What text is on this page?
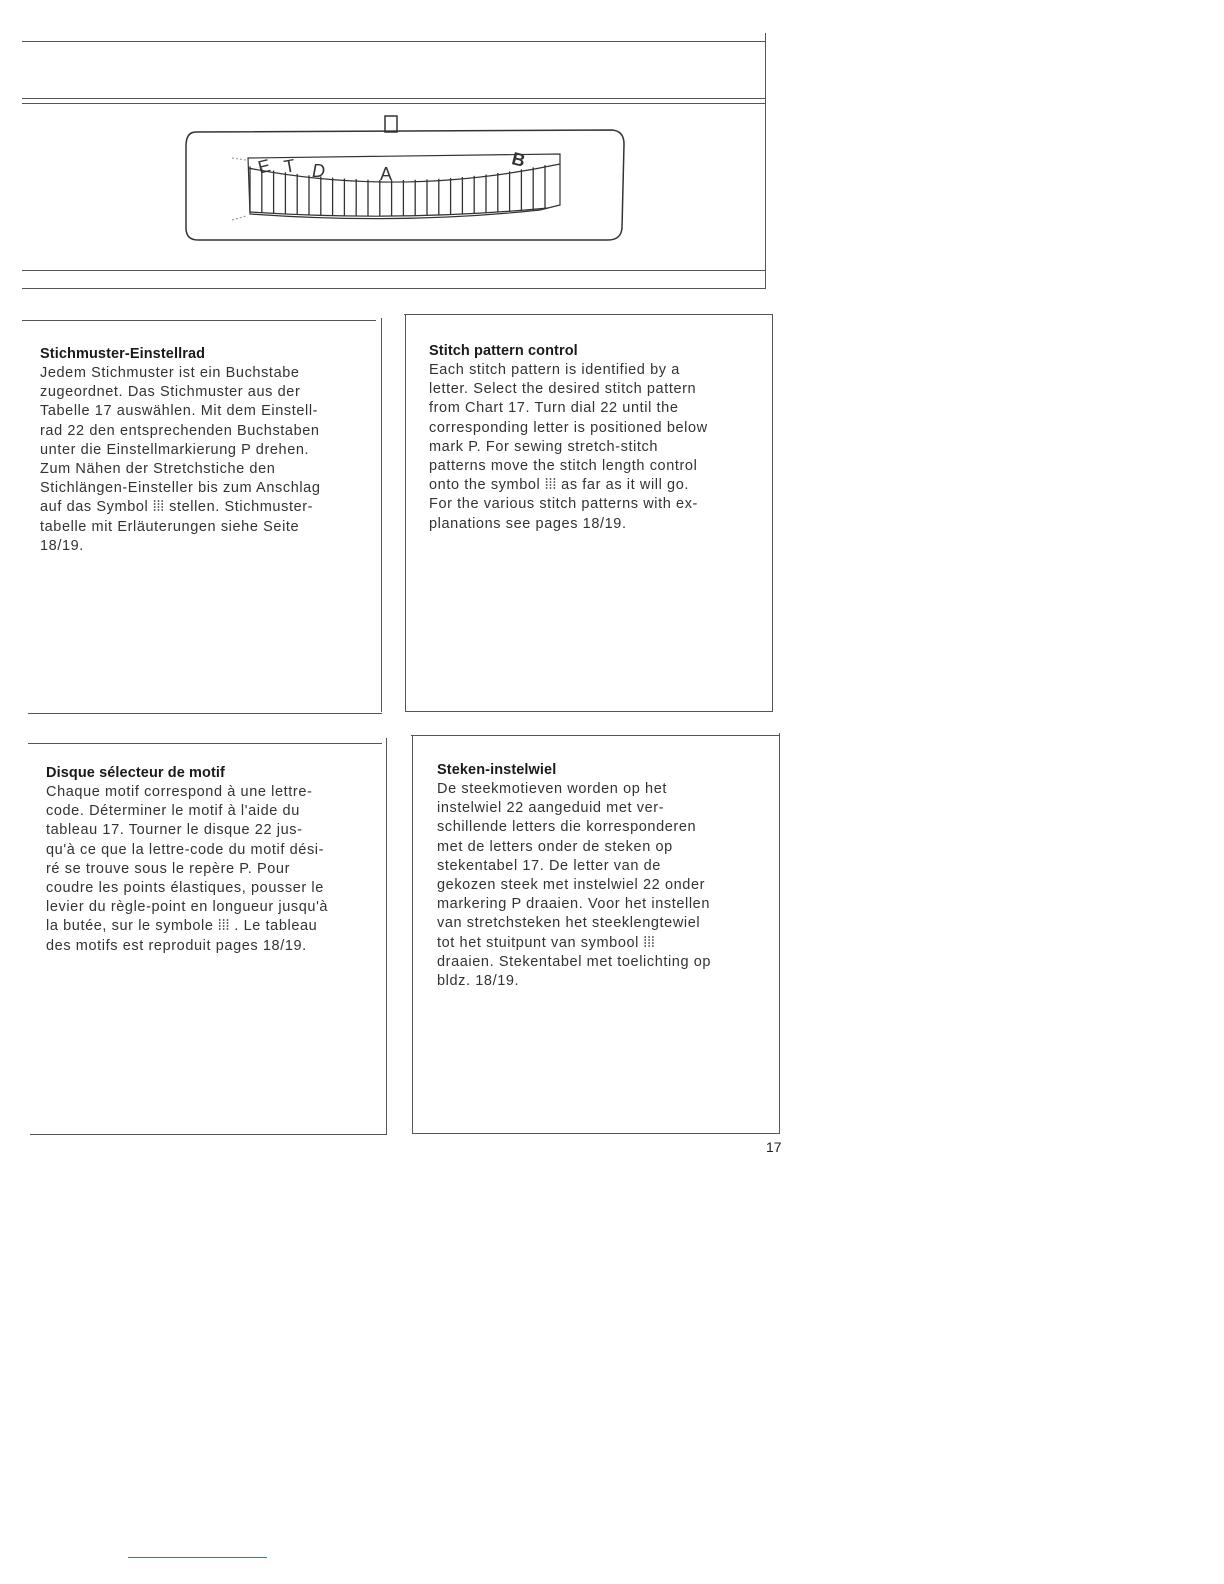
E T D	A
B
Stichmuster-Einstellrad

Jedem Stichmuster ist ein Buchstabe
zugeordnet. Das Stichmuster aus der
Tabelle 17 auswählen. Mit dem Einstell-
rad 22 den entsprechenden Buchstaben
unter die Einstellmarkierung P drehen.
Zum Nähen der Stretchstiche den
Stichlängen-Einsteller bis zum Anschlag
auf das Symbol ⦙⦙⦙ stellen. Stichmuster-
tabelle mit Erläuterungen siehe Seite
18/19.

Stitch pattern control

Each stitch pattern is identified by a
letter. Select the desired stitch pattern
from Chart 17. Turn dial 22 until the
corresponding letter is positioned below
mark P. For sewing stretch-stitch
patterns move the stitch length control
onto the symbol ⦙⦙⦙ as far as it will go.
For the various stitch patterns with ex-
planations see pages 18/19.

Disque sélecteur de motif

Chaque motif correspond à une lettre-
code. Déterminer le motif à l'aide du
tableau 17. Tourner le disque 22 jus-
qu'à ce que la lettre-code du motif dési-
ré se trouve sous le repère P. Pour
coudre les points élastiques, pousser le
levier du règle-point en longueur jusqu'à
la butée, sur le symbole ⦙⦙⦙ . Le tableau
des motifs est reproduit pages 18/19.

Steken-instelwiel

De steekmotieven worden op het
instelwiel 22 aangeduid met ver-
schillende letters die korresponderen
met de letters onder de steken op
stekentabel 17. De letter van de
gekozen steek met instelwiel 22 onder
markering P draaien. Voor het instellen
van stretchsteken het steeklengtewiel
tot het stuitpunt van symbool ⦙⦙⦙
draaien. Stekentabel met toelichting op
bldz. 18/19.

17
